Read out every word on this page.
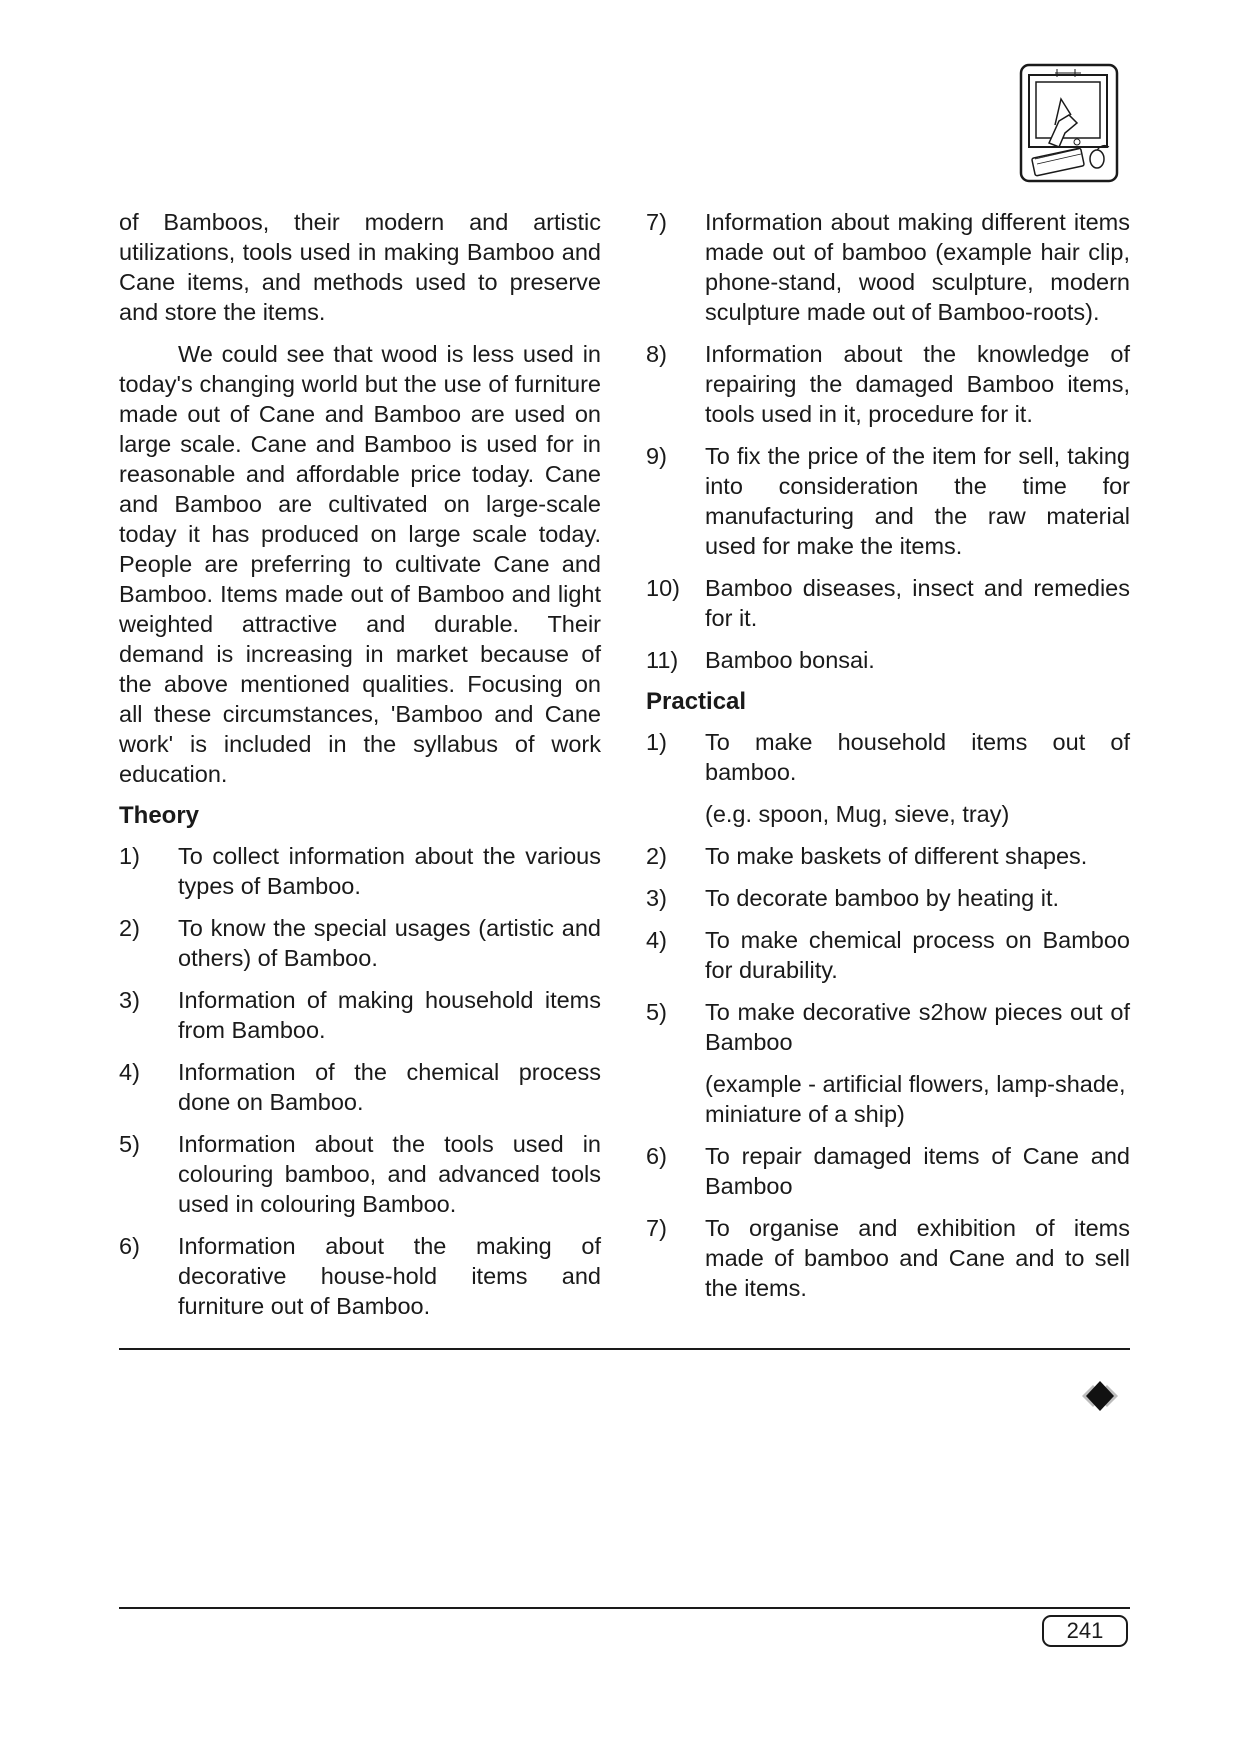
of Bamboos, their modern and artistic utilizations, tools used in making Bamboo and Cane items, and methods used to preserve and store the items.

We could see that wood is less used in today's changing world but the use of furniture made out of Cane and Bamboo are used on large scale. Cane and Bamboo is used for in reasonable and affordable price today. Cane and Bamboo are cultivated on large-scale today it has produced on large scale today. People are preferring to cultivate Cane and Bamboo. Items made out of Bamboo and light weighted attractive and durable. Their demand is increasing in market because of the above mentioned qualities. Focusing on all these circumstances, 'Bamboo and Cane work' is included in the syllabus of work education.

Theory
1)	To collect information about the various types of Bamboo.
2)	To know the special usages (artistic and others) of Bamboo.
3)	Information of making household items from Bamboo.
4)	Information of the chemical process done on Bamboo.
5)	Information about the tools used in colouring bamboo, and advanced tools used in colouring Bamboo.
6)	Information about the making of decorative house-hold items and furniture out of Bamboo.
7)	Information about making different items made out of bamboo (example hair clip, phone-stand, wood sculpture, modern sculpture made out of Bamboo-roots).
8)	Information about the knowledge of repairing the damaged Bamboo items, tools used in it, procedure for it.
9)	To fix the price of the item for sell, taking into consideration the time for manufacturing and the raw material used for make the items.
10)	Bamboo diseases, insect and remedies for it.
11)	Bamboo bonsai.
Practical
1)	To make household items out of bamboo.
(e.g. spoon, Mug, sieve, tray)
2)	To make baskets of different shapes.
3)	To decorate bamboo by heating it.
4)	To make chemical process on Bamboo for durability.
5)	To make decorative s2how pieces out of Bamboo
(example - artificial flowers, lamp-shade, miniature of a ship)
6)	To repair damaged items of Cane and Bamboo
7)	To organise and exhibition of items made of bamboo and Cane and to sell the items.
241
